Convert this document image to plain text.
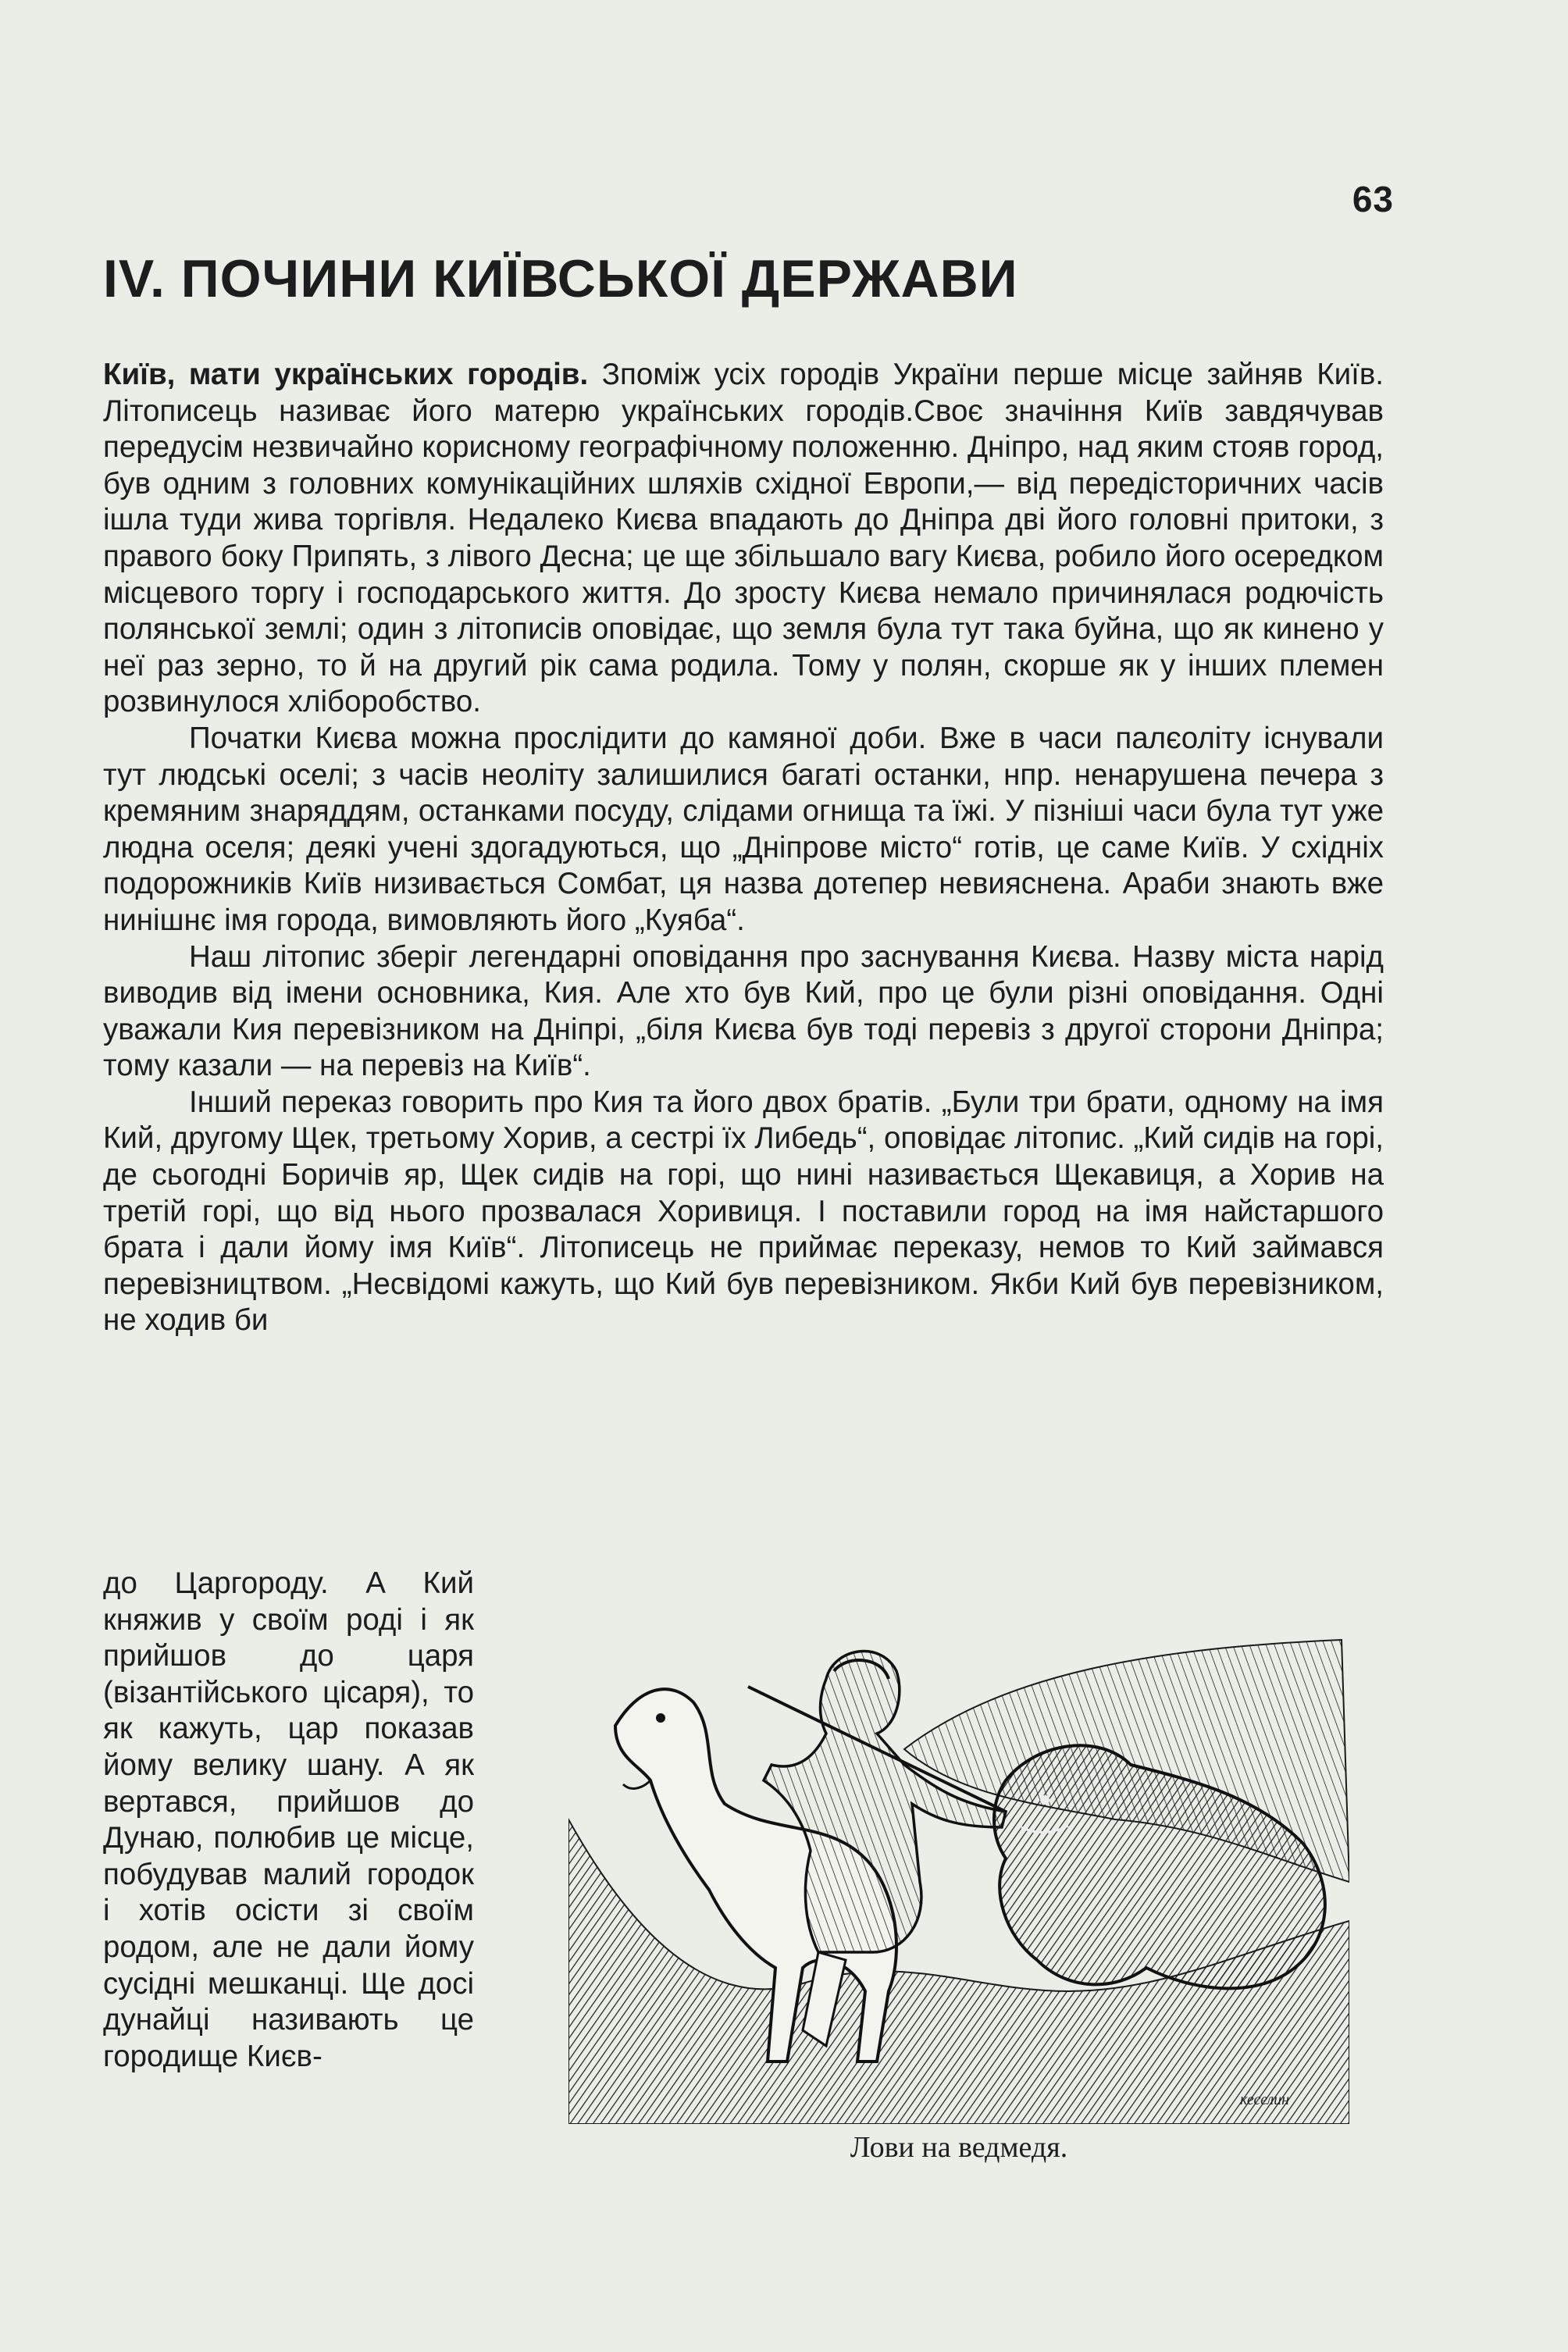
63
IV. ПОЧИНИ КИЇВСЬКОЇ ДЕРЖАВИ

Київ, мати українських городів. Зпоміж усіх городів України перше місце зайняв Київ. Літописець називає його матерю українських городів.Своє значіння Київ завдячував передусім незвичайно корисному географічному положенню. Дніпро, над яким стояв город, був одним з головних комунікаційних шляхів східної Европи,— від передісторичних часів ішла туди жива торгівля. Недалеко Києва впадають до Дніпра дві його головні притоки, з правого боку Припять, з лівого Десна; це ще збільшало вагу Києва, робило його осередком місцевого торгу і господарського життя. До зросту Києва немало причинялася родючість полянської землі; один з літописів оповідає, що земля була тут така буйна, що як кинено у неї раз зерно, то й на другий рік сама родила. Тому у полян, скорше як у інших племен розвинулося хліборобство.

Початки Києва можна прослідити до камяної доби. Вже в часи палєоліту існували тут людські оселі; з часів неоліту залишилися багаті останки, нпр. ненарушена печера з кремяним знаряддям, останками посуду, слідами огнища та їжі. У пізніші часи була тут уже людна оселя; деякі учені здогадуються, що „Дніпрове місто“ готів, це саме Київ. У східніх подорожників Київ низивається Сомбат, ця назва дотепер невияснена. Араби знають вже нинішнє імя города, вимовляють його „Куяба“.

Наш літопис зберіг легендарні оповідання про заснування Києва. Назву міста нарід виводив від імени основника, Кия. Але хто був Кий, про це були різні оповідання. Одні уважали Кия перевізником на Дніпрі, „біля Києва був тоді перевіз з другої сторони Дніпра; тому казали — на перевіз на Київ“.

Інший переказ говорить про Кия та його двох братів. „Були три брати, одному на імя Кий, другому Щек, третьому Хорив, а сестрі їх Либедь“, оповідає літопис. „Кий сидів на горі, де сьогодні Боричів яр, Щек сидів на горі, що нині називається Щекавиця, а Хорив на третій горі, що від нього прозвалася Хоривиця. І поставили город на імя найстаршого брата і дали йому імя Київ“. Літописець не приймає переказу, немов то Кий займався перевізництвом. „Несвідомі кажуть, що Кий був перевізником. Якби Кий був перевізником, не ходив би

до Царгороду. А Кий княжив у своїм роді і як прийшов до царя (візантійського цісаря), то як кажуть, цар показав йому велику шану. А як вертався, прийшов до Дунаю, полюбив це місце, побудував малий городок і хотів осісти зі своїм родом, але не дали йому сусідні мешканці. Ще досі дунайці називають це городище Києв-

кеселин
Лови на ведмедя.
